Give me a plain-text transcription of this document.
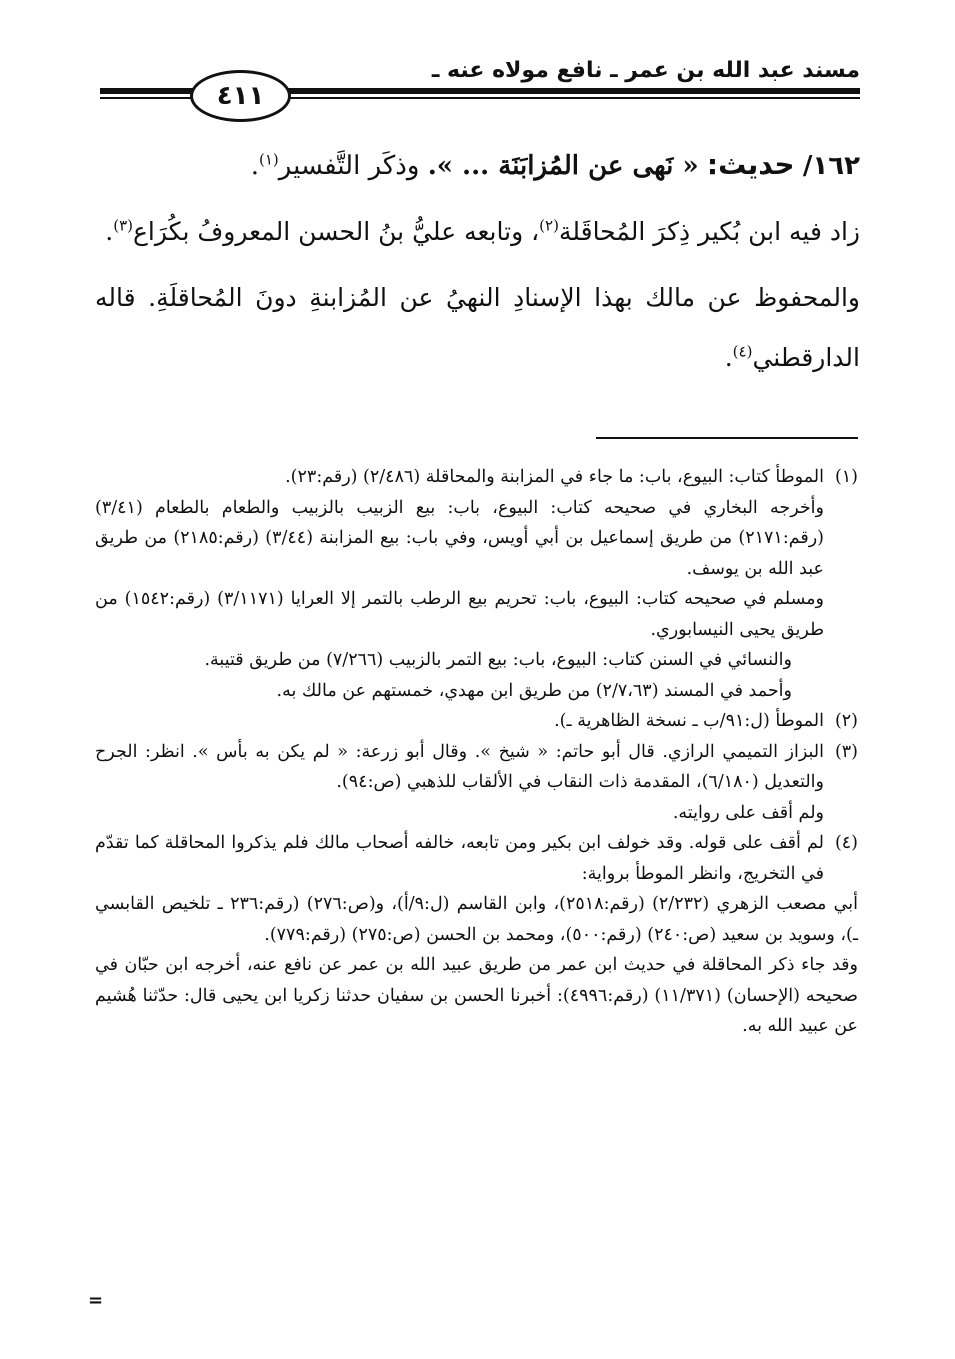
مسند عبد الله بن عمر ـ نافع مولاه عنه ـ
٤١١

١٦٢/ حديث: « نَهى عن المُزابَنَة ... ». وذكَر التَّفسير$^{(١)}$.

زاد فيه ابن بُكير ذِكرَ المُحاقَلة$^{(٢)}$، وتابعه عليُّ بنُ الحسن المعروفُ بكُرَاع$^{(٣)}$.

والمحفوظ عن مالك بهذا الإسنادِ النهيُ عن المُزابنةِ دونَ المُحاقلَةِ. قاله الدارقطني$^{(٤)}$.

(١)

الموطأ كتاب: البيوع، باب: ما جاء في المزابنة والمحاقلة (٢/٤٨٦) (رقم:٢٣).

وأخرجه البخاري في صحيحه كتاب: البيوع، باب: بيع الزبيب بالزبيب والطعام بالطعام (٣/٤١) (رقم:٢١٧١) من طريق إسماعيل بن أبي أويس، وفي باب: بيع المزابنة (٣/٤٤) (رقم:٢١٨٥) من طريق عبد الله بن يوسف.

ومسلم في صحيحه كتاب: البيوع، باب: تحريم بيع الرطب بالتمر إلا العرايا (٣/١١٧١) (رقم:١٥٤٢) من طريق يحيى النيسابوري.

والنسائي في السنن كتاب: البيوع، باب: بيع التمر بالزبيب (٧/٢٦٦) من طريق قتيبة.

وأحمد في المسند (٢/٧،٦٣) من طريق ابن مهدي، خمستهم عن مالك به.

(٢)

الموطأ (ل:٩١/ب ـ نسخة الظاهرية ـ).

(٣)

البزاز التميمي الرازي. قال أبو حاتم: « شيخ ». وقال أبو زرعة: « لم يكن به بأس ». انظر: الجرح والتعديل (٦/١٨٠)، المقدمة ذات النقاب في الألقاب للذهبي (ص:٩٤).

ولم أقف على روايته.

(٤)

لم أقف على قوله. وقد خولف ابن بكير ومن تابعه، خالفه أصحاب مالك فلم يذكروا المحاقلة كما تقدّم في التخريج، وانظر الموطأ برواية:

أبي مصعب الزهري (٢/٢٣٢) (رقم:٢٥١٨)، وابن القاسم (ل:٩/أ)، و(ص:٢٧٦) (رقم:٢٣٦ ـ تلخيص القابسي ـ)، وسويد بن سعيد (ص:٢٤٠) (رقم:٥٠٠)، ومحمد بن الحسن (ص:٢٧٥) (رقم:٧٧٩).

وقد جاء ذكر المحاقلة في حديث ابن عمر من طريق عبيد الله بن عمر عن نافع عنه، أخرجه ابن حبّان في صحيحه (الإحسان) (١١/٣٧١) (رقم:٤٩٩٦): أخبرنا الحسن بن سفيان حدثنا زكريا ابن يحيى قال: حدّثنا هُشيم عن عبيد الله به.

=
